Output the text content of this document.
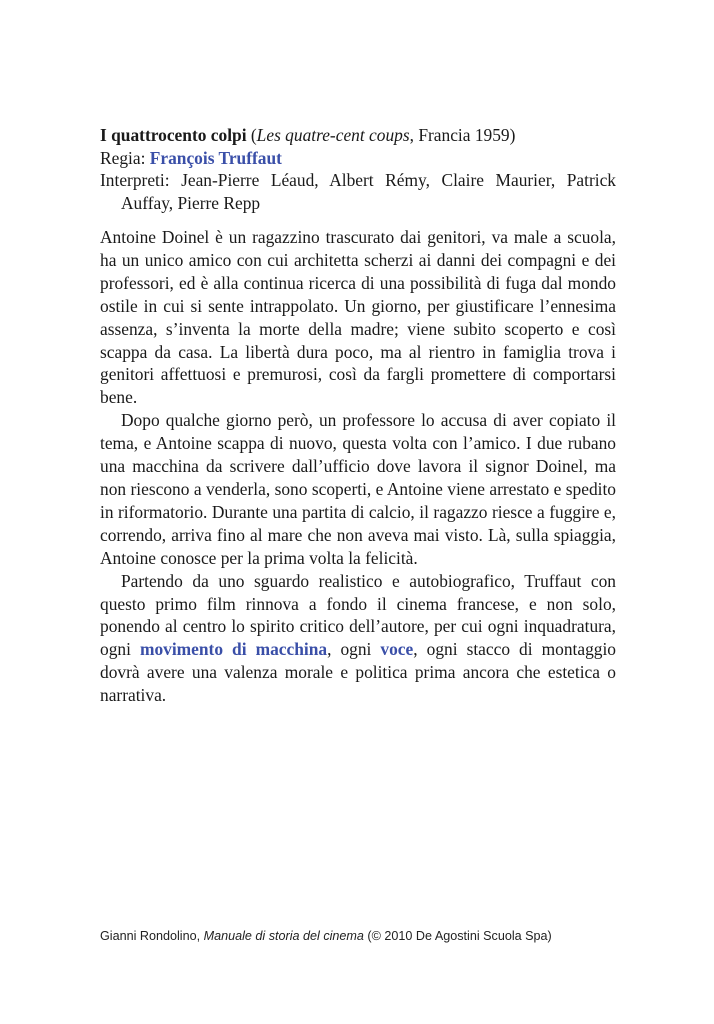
I quattrocento colpi (Les quatre-cent coups, Francia 1959)

Regia: François Truffaut

Interpreti: Jean-Pierre Léaud, Albert Rémy, Claire Maurier, Patrick Auffay, Pierre Repp

Antoine Doinel è un ragazzino trascurato dai genitori, va male a scuola, ha un unico amico con cui architetta scherzi ai danni dei compagni e dei professori, ed è alla continua ricerca di una possibilità di fuga dal mondo ostile in cui si sente intrappolato. Un giorno, per giustificare l’ennesima assenza, s’inventa la morte della madre; viene subito scoperto e così scappa da casa. La libertà dura poco, ma al rientro in famiglia trova i genitori affettuosi e premurosi, così da fargli promettere di comportarsi bene.

Dopo qualche giorno però, un professore lo accusa di aver copiato il tema, e Antoine scappa di nuovo, questa volta con l’amico. I due rubano una macchina da scrivere dall’ufficio dove lavora il signor Doinel, ma non riescono a venderla, sono scoperti, e Antoine viene arrestato e spedito in riformatorio. Durante una partita di calcio, il ragazzo riesce a fuggire e, correndo, arriva fino al mare che non aveva mai visto. Là, sulla spiaggia, Antoine conosce per la prima volta la felicità.

Partendo da uno sguardo realistico e autobiografico, Truffaut con questo primo film rinnova a fondo il cinema francese, e non solo, ponendo al centro lo spirito critico dell’autore, per cui ogni inquadratura, ogni movimento di macchina, ogni voce, ogni stacco di montaggio dovrà avere una valenza morale e politica prima ancora che estetica o narrativa.

Gianni Rondolino, Manuale di storia del cinema (© 2010 De Agostini Scuola Spa)
